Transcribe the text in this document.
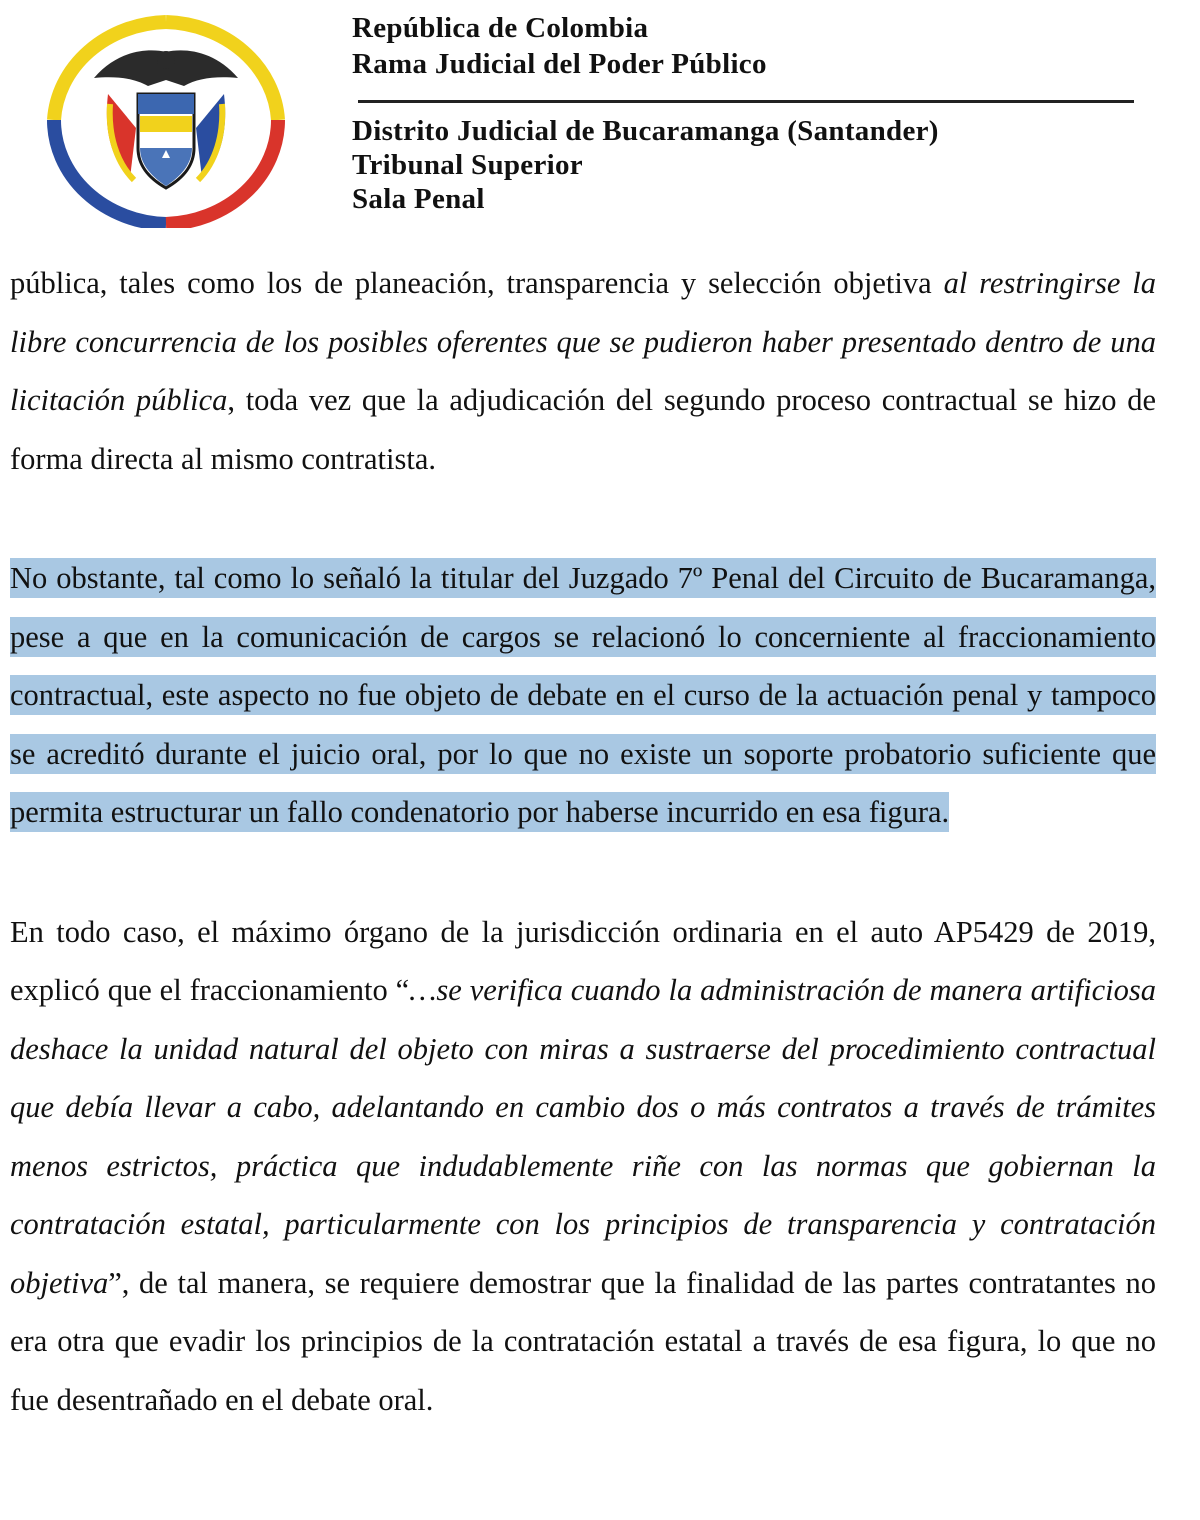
República de Colombia
Rama Judicial del Poder Público
Distrito Judicial de Bucaramanga (Santander)
Tribunal Superior
Sala Penal

pública, tales como los de planeación, transparencia y selección objetiva al restringirse la libre concurrencia de los posibles oferentes que se pudieron haber presentado dentro de una licitación pública, toda vez que la adjudicación del segundo proceso contractual se hizo de forma directa al mismo contratista.

No obstante, tal como lo señaló la titular del Juzgado 7º Penal del Circuito de Bucaramanga, pese a que en la comunicación de cargos se relacionó lo concerniente al fraccionamiento contractual, este aspecto no fue objeto de debate en el curso de la actuación penal y tampoco se acreditó durante el juicio oral, por lo que no existe un soporte probatorio suficiente que permita estructurar un fallo condenatorio por haberse incurrido en esa figura.

En todo caso, el máximo órgano de la jurisdicción ordinaria en el auto AP5429 de 2019, explicó que el fraccionamiento “…se verifica cuando la administración de manera artificiosa deshace la unidad natural del objeto con miras a sustraerse del procedimiento contractual que debía llevar a cabo, adelantando en cambio dos o más contratos a través de trámites menos estrictos, práctica que indudablemente riñe con las normas que gobiernan la contratación estatal, particularmente con los principios de transparencia y contratación objetiva”, de tal manera, se requiere demostrar que la finalidad de las partes contratantes no era otra que evadir los principios de la contratación estatal a través de esa figura, lo que no fue desentrañado en el debate oral.
